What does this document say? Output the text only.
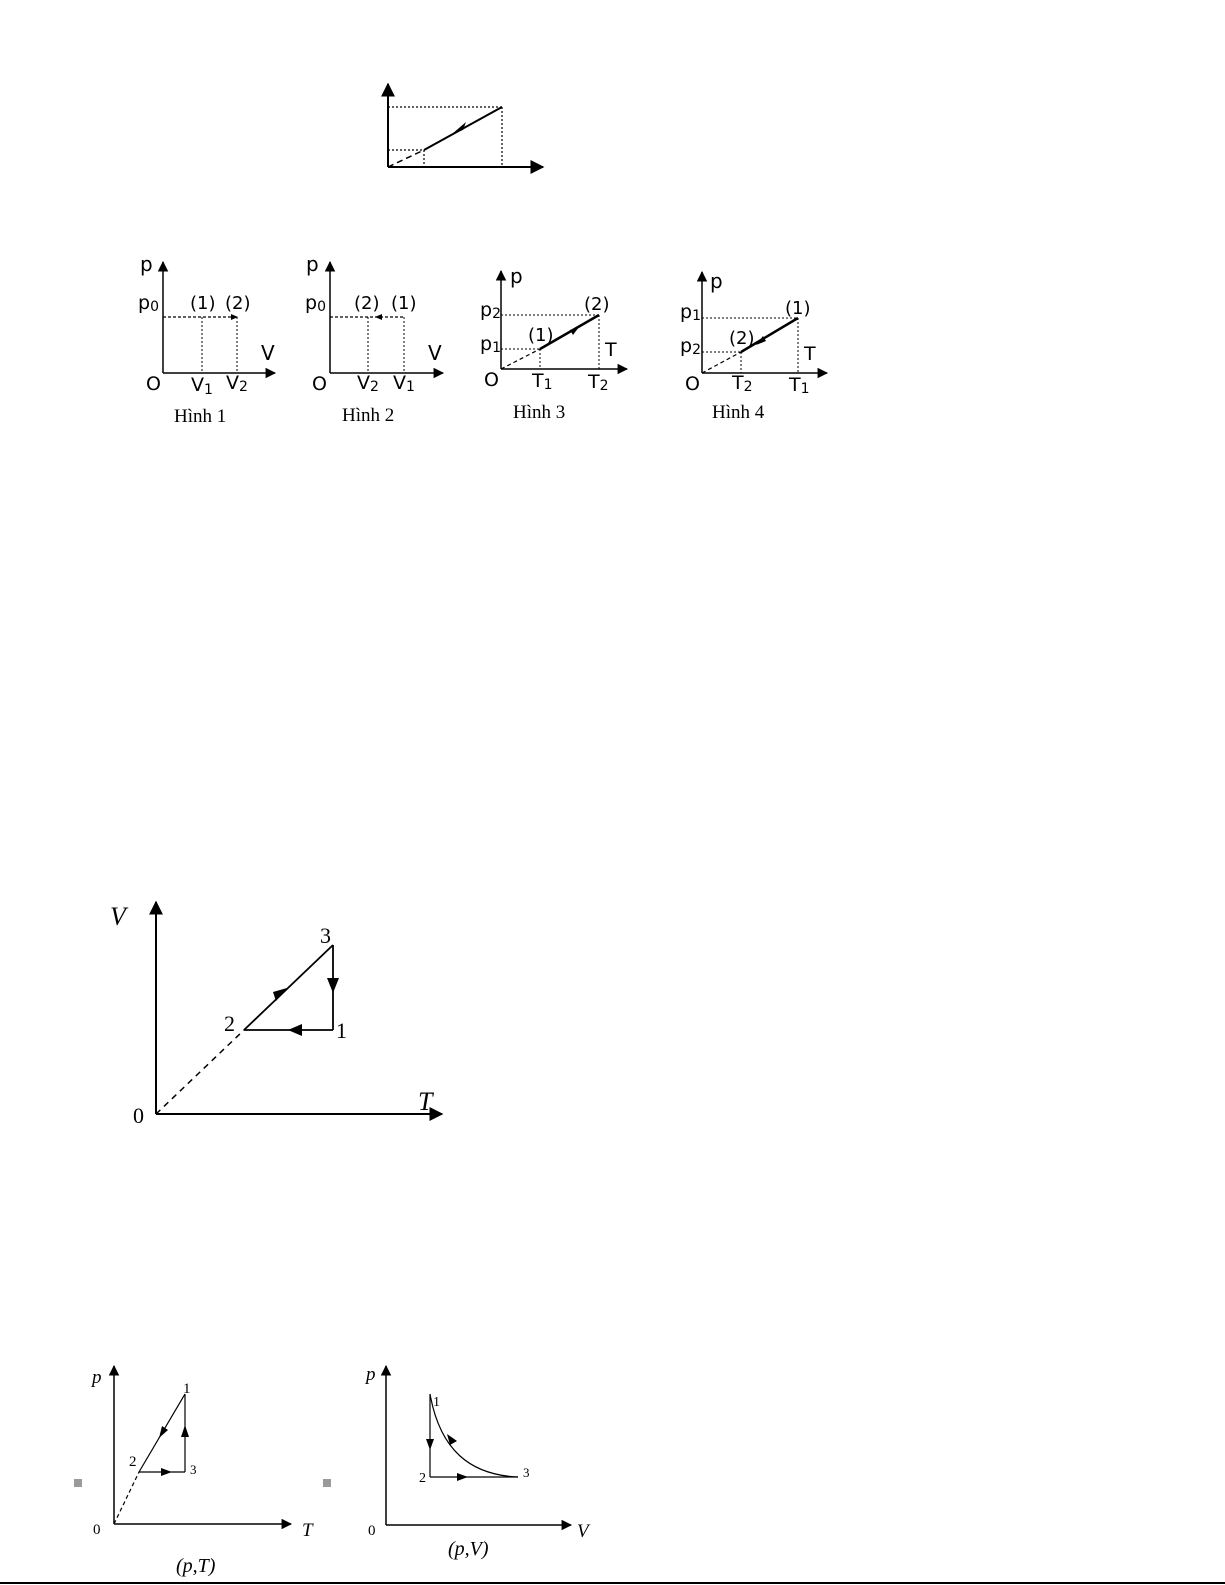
p
V
O
p0
V1 V2
(1) (2)
Hình 1
p
V
O
p0
V2 V1
(2) (1)
Hình 2
p
T
O
p2
p1
T1 T2
(1)
(2)
Hình 3
p
T
O
p1
p2
T2 T1
(2)
(1)
Hình 4
V
T
0
3
2	1
p
T
0
1
2	3
(p,T)
p
V
0
1
2	3
(p,V)
